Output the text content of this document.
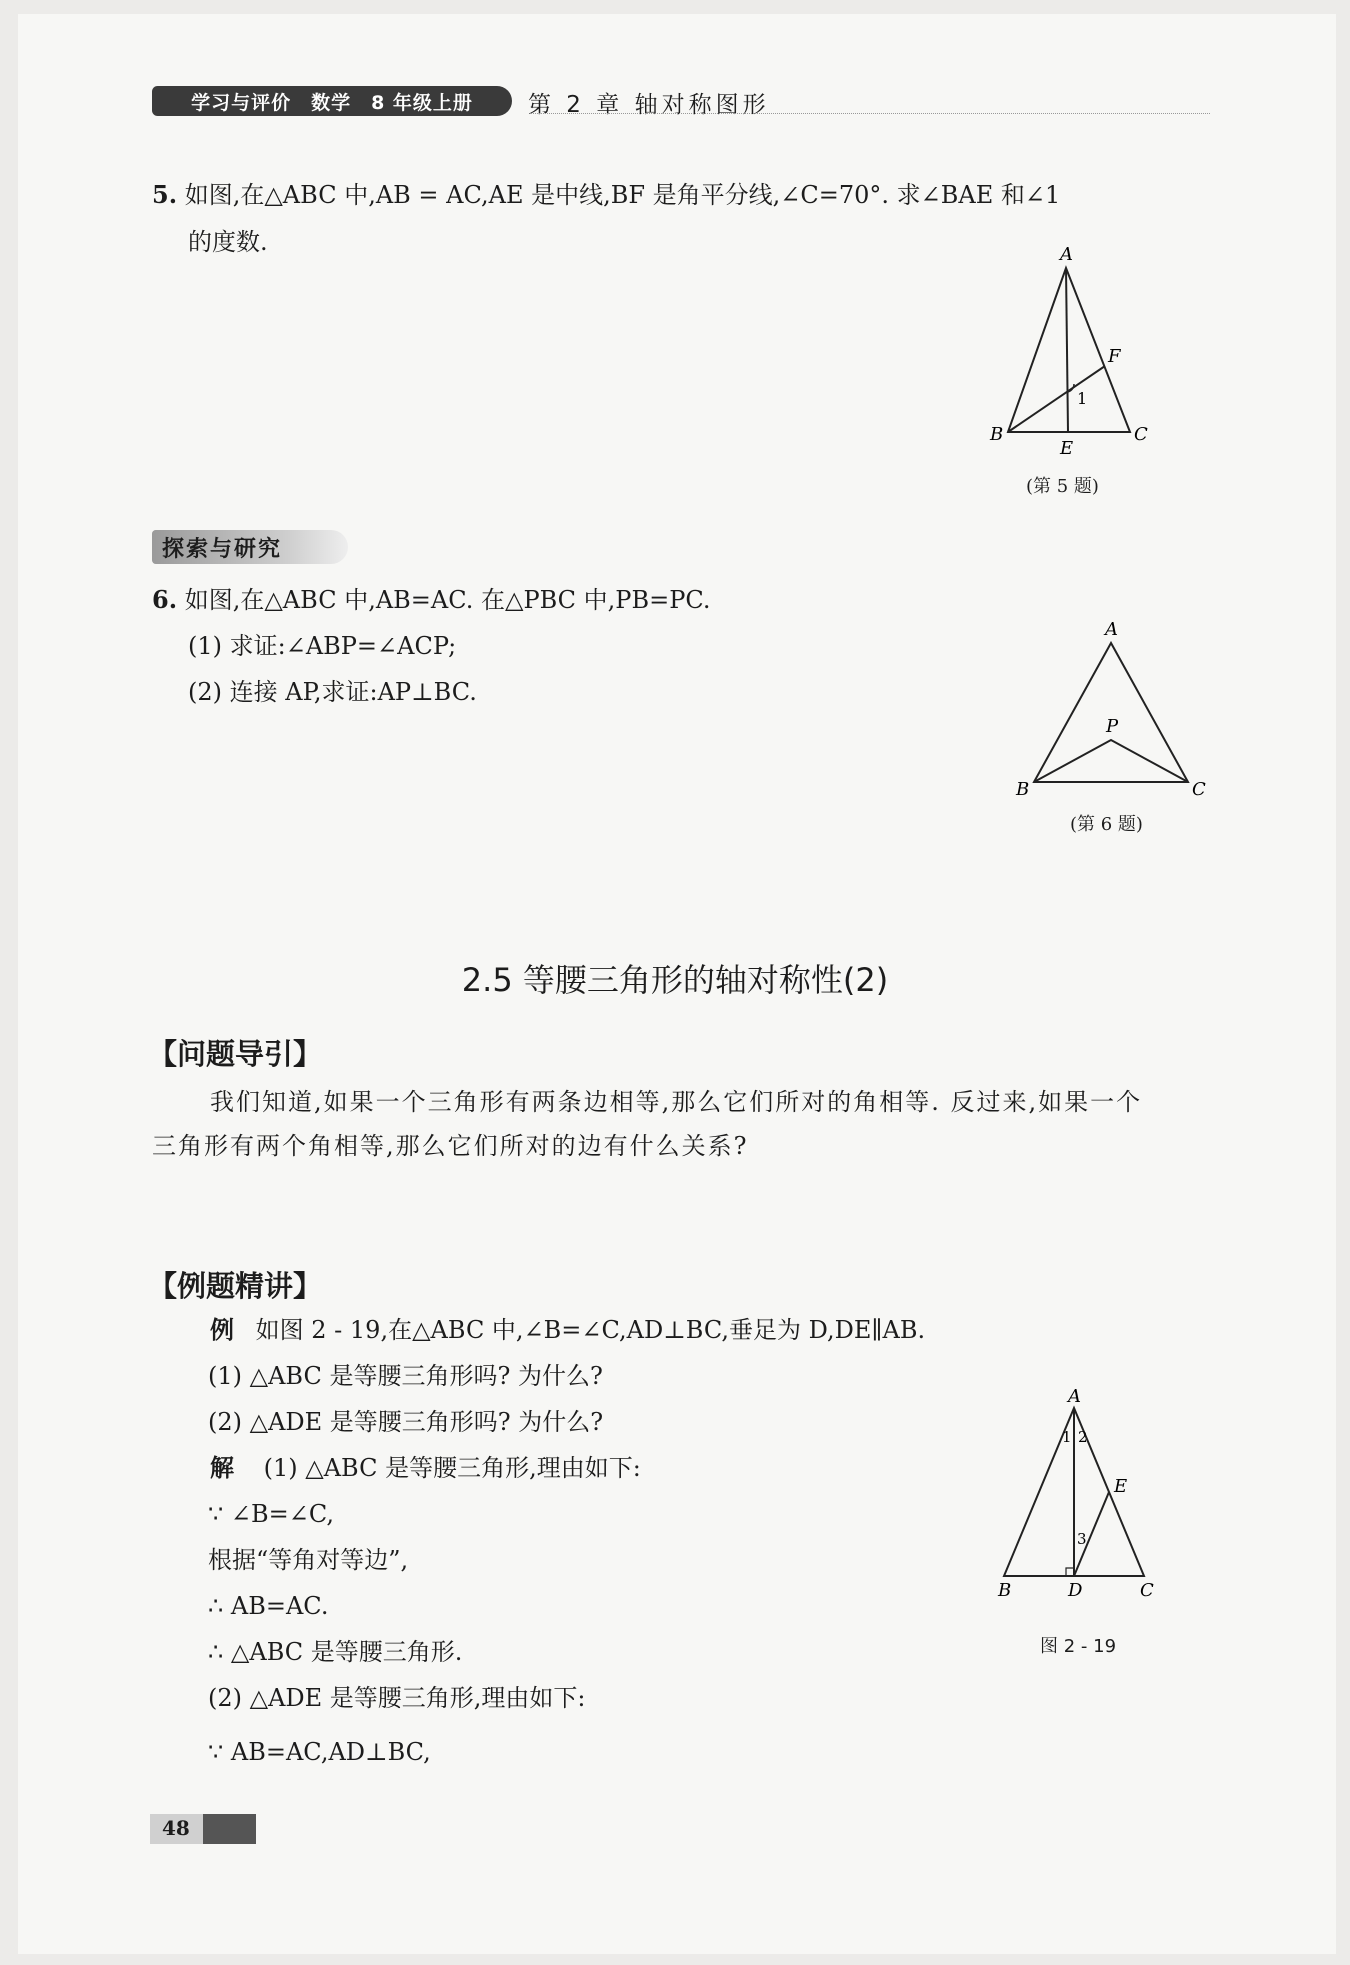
学习与评价 数学 8 年级上册 第 2 章 轴对称图形
5. 如图,在△ABC 中,AB = AC,AE 是中线,BF 是角平分线,∠C=70°. 求∠BAE 和∠1
的度数.	A
B	C
E
F
1
(第 5 题)
探索与研究
6. 如图,在△ABC 中,AB=AC. 在△PBC 中,PB=PC.
(1) 求证:∠ABP=∠ACP;
(2) 连接 AP,求证:AP⊥BC.
A
B	C
P
(第 6 题)
2.5 等腰三角形的轴对称性(2)
【问题导引】
我们知道,如果一个三角形有两条边相等,那么它们所对的角相等. 反过来,如果一个
三角形有两个角相等,那么它们所对的边有什么关系?
【例题精讲】
例 如图 2 - 19,在△ABC 中,∠B=∠C,AD⊥BC,垂足为 D,DE∥AB.
(1) △ABC 是等腰三角形吗? 为什么?
(2) △ADE 是等腰三角形吗? 为什么?
解 (1) △ABC 是等腰三角形,理由如下:
∵ ∠B=∠C,
根据“等角对等边”,
∴ AB=AC.
∴ △ABC 是等腰三角形.
(2) △ADE 是等腰三角形,理由如下:
∵ AB=AC,AD⊥BC,
A
B	D	C
E
1 2
3
图 2 - 19
48
